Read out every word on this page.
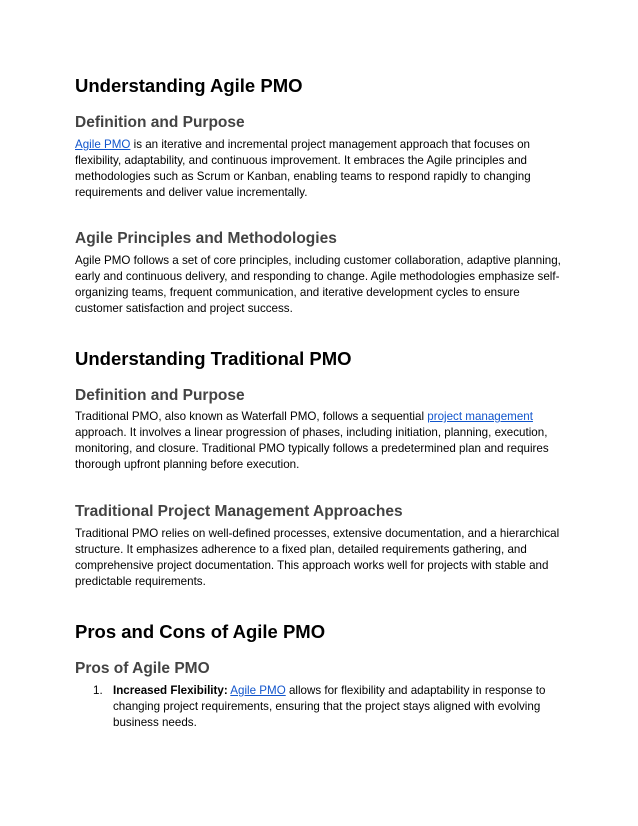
Understanding Agile PMO
Definition and Purpose

Agile PMO is an iterative and incremental project management approach that focuses on flexibility, adaptability, and continuous improvement. It embraces the Agile principles and methodologies such as Scrum or Kanban, enabling teams to respond rapidly to changing requirements and deliver value incrementally.

Agile Principles and Methodologies

Agile PMO follows a set of core principles, including customer collaboration, adaptive planning, early and continuous delivery, and responding to change. Agile methodologies emphasize self-organizing teams, frequent communication, and iterative development cycles to ensure customer satisfaction and project success.

Understanding Traditional PMO
Definition and Purpose

Traditional PMO, also known as Waterfall PMO, follows a sequential project management approach. It involves a linear progression of phases, including initiation, planning, execution, monitoring, and closure. Traditional PMO typically follows a predetermined plan and requires thorough upfront planning before execution.

Traditional Project Management Approaches

Traditional PMO relies on well-defined processes, extensive documentation, and a hierarchical structure. It emphasizes adherence to a fixed plan, detailed requirements gathering, and comprehensive project documentation. This approach works well for projects with stable and predictable requirements.

Pros and Cons of Agile PMO
Pros of Agile PMO
1. Increased Flexibility: Agile PMO allows for flexibility and adaptability in response to changing project requirements, ensuring that the project stays aligned with evolving business needs.
